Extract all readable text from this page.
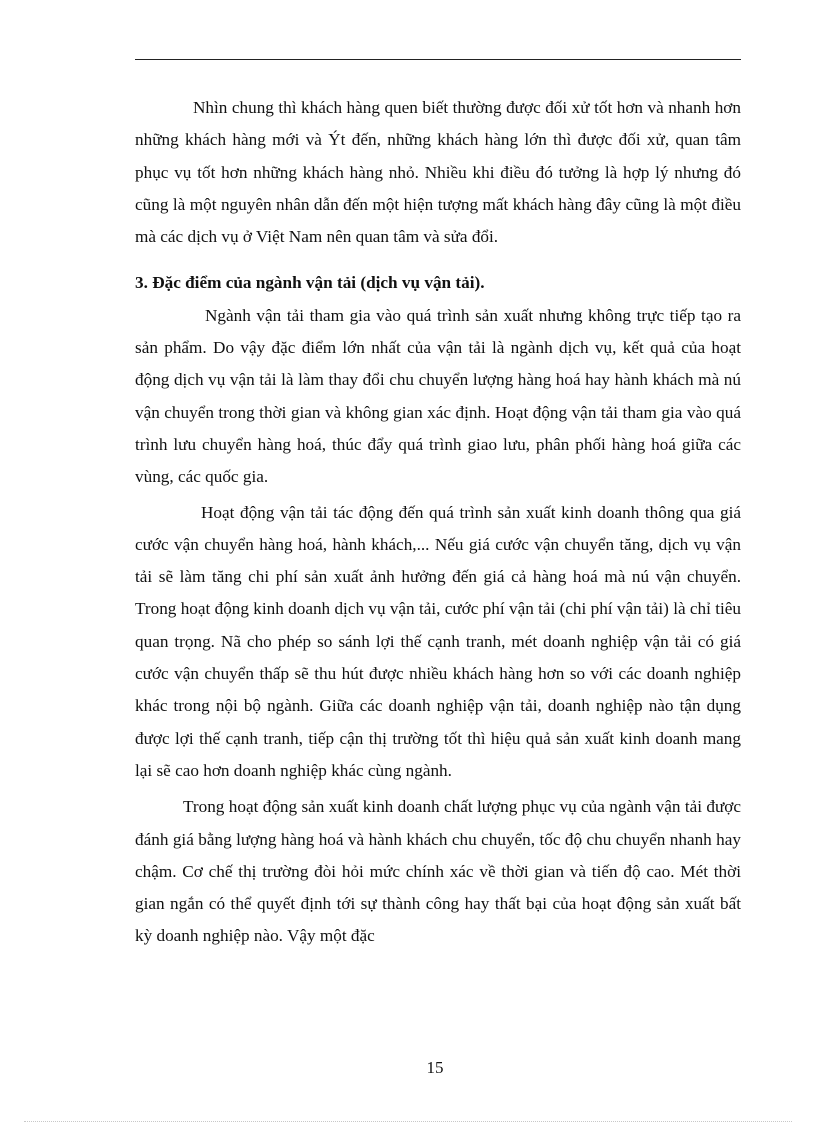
Nhìn chung thì khách hàng quen biết thường được đối xử tốt hơn và nhanh hơn những khách hàng mới và Ýt đến, những khách hàng lớn thì được đối xử, quan tâm phục vụ tốt hơn những khách hàng nhỏ. Nhiều khi điều đó tưởng là hợp lý nhưng đó cũng là một nguyên nhân dẫn đến một hiện tượng mất khách hàng đây cũng là một điều mà các dịch vụ ở Việt Nam nên quan tâm và sửa đổi.

3. Đặc điểm của ngành vận tải (dịch vụ vận tải).

Ngành vận tải tham gia vào quá trình sản xuất nhưng không trực tiếp tạo ra sản phẩm. Do vậy đặc điểm lớn nhất của vận tải là ngành dịch vụ, kết quả của hoạt động dịch vụ vận tải là làm thay đổi chu chuyển lượng hàng hoá hay hành khách mà nú vận chuyển trong thời gian và không gian xác định. Hoạt động vận tải tham gia vào quá trình lưu chuyển hàng hoá, thúc đẩy quá trình giao lưu, phân phối hàng hoá giữa các vùng, các quốc gia.

Hoạt động vận tải tác động đến quá trình sản xuất kinh doanh thông qua giá cước vận chuyển hàng hoá, hành khách,... Nếu giá cước vận chuyển tăng, dịch vụ vận tải sẽ làm tăng chi phí sản xuất ảnh hưởng đến giá cả hàng hoá mà nú vận chuyển. Trong hoạt động kinh doanh dịch vụ vận tải, cước phí vận tải (chi phí vận tải) là chỉ tiêu quan trọng. Nã cho phép so sánh lợi thế cạnh tranh, mét doanh nghiệp vận tải có giá cước vận chuyển thấp sẽ thu hút được nhiều khách hàng hơn so với các doanh nghiệp khác trong nội bộ ngành. Giữa các doanh nghiệp vận tải, doanh nghiệp nào tận dụng được lợi thế cạnh tranh, tiếp cận thị trường tốt thì hiệu quả sản xuất kinh doanh mang lại sẽ cao hơn doanh nghiệp khác cùng ngành.

Trong hoạt động sản xuất kinh doanh chất lượng phục vụ của ngành vận tải được đánh giá bằng lượng hàng hoá và hành khách chu chuyển, tốc độ chu chuyển nhanh hay chậm. Cơ chế thị trường đòi hỏi mức chính xác về thời gian và tiến độ cao. Mét thời gian ngắn có thể quyết định tới sự thành công hay thất bại của hoạt động sản xuất bất kỳ doanh nghiệp nào. Vậy một đặc

15
